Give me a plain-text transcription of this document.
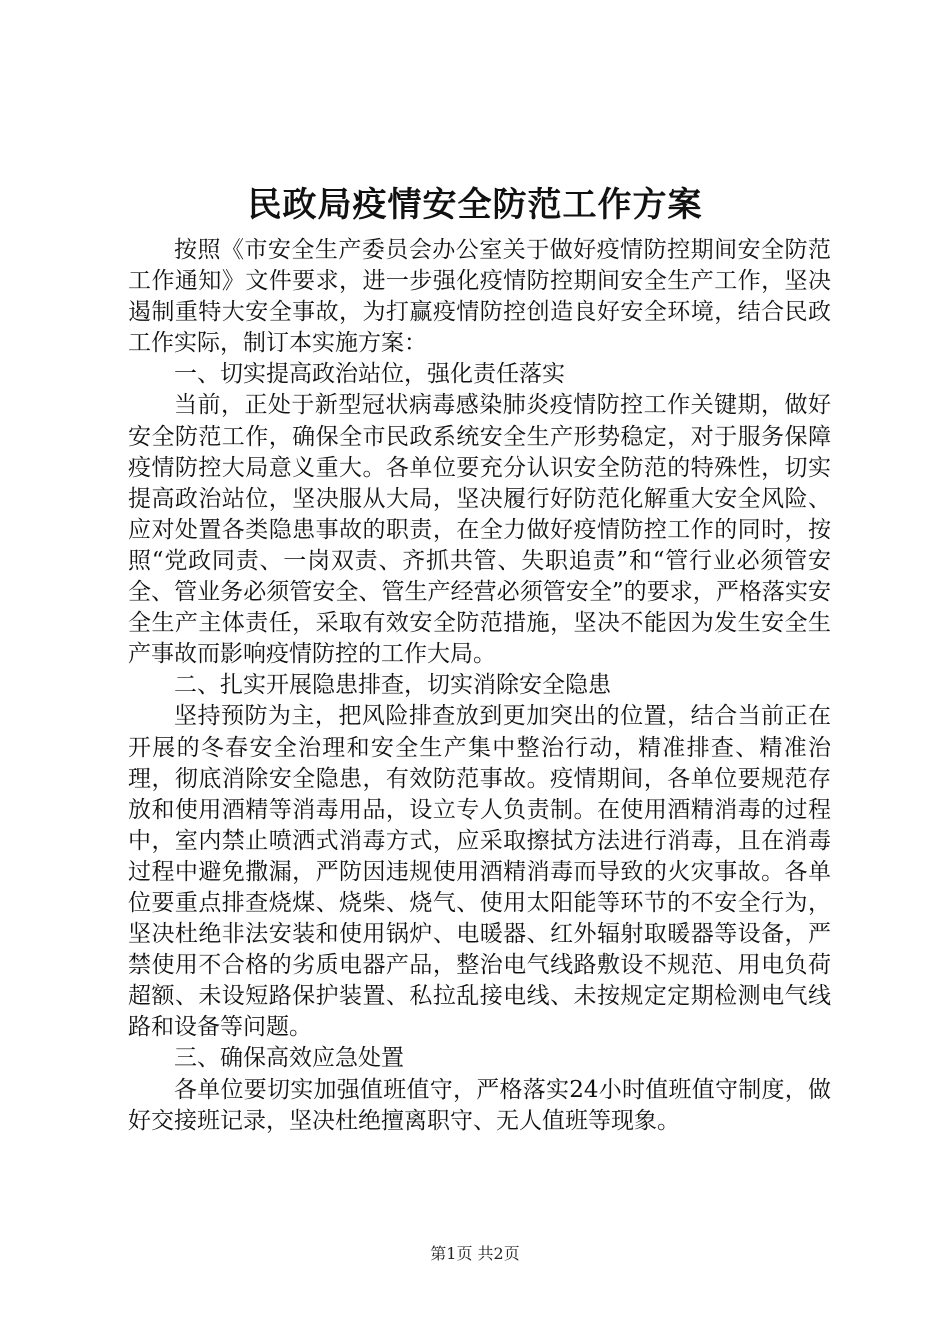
民政局疫情安全防范工作方案

按照《市安全生产委员会办公室关于做好疫情防控期间安全防范工作通知》文件要求，进一步强化疫情防控期间安全生产工作，坚决遏制重特大安全事故，为打赢疫情防控创造良好安全环境，结合民政工作实际，制订本实施方案：

一、切实提高政治站位，强化责任落实

当前，正处于新型冠状病毒感染肺炎疫情防控工作关键期，做好安全防范工作，确保全市民政系统安全生产形势稳定，对于服务保障疫情防控大局意义重大。各单位要充分认识安全防范的特殊性，切实提高政治站位，坚决服从大局，坚决履行好防范化解重大安全风险、应对处置各类隐患事故的职责，在全力做好疫情防控工作的同时，按照“党政同责、一岗双责、齐抓共管、失职追责”和“管行业必须管安全、管业务必须管安全、管生产经营必须管安全”的要求，严格落实安全生产主体责任，采取有效安全防范措施，坚决不能因为发生安全生产事故而影响疫情防控的工作大局。

二、扎实开展隐患排查，切实消除安全隐患

坚持预防为主，把风险排查放到更加突出的位置，结合当前正在开展的冬春安全治理和安全生产集中整治行动，精准排查、精准治理，彻底消除安全隐患，有效防范事故。疫情期间，各单位要规范存放和使用酒精等消毒用品，设立专人负责制。在使用酒精消毒的过程中，室内禁止喷洒式消毒方式，应采取擦拭方法进行消毒，且在消毒过程中避免撒漏，严防因违规使用酒精消毒而导致的火灾事故。各单位要重点排查烧煤、烧柴、烧气、使用太阳能等环节的不安全行为，坚决杜绝非法安装和使用锅炉、电暖器、红外辐射取暖器等设备，严禁使用不合格的劣质电器产品，整治电气线路敷设不规范、用电负荷超额、未设短路保护装置、私拉乱接电线、未按规定定期检测电气线路和设备等问题。

三、确保高效应急处置

各单位要切实加强值班值守，严格落实24小时值班值守制度，做好交接班记录，坚决杜绝擅离职守、无人值班等现象。

第1页 共2页
